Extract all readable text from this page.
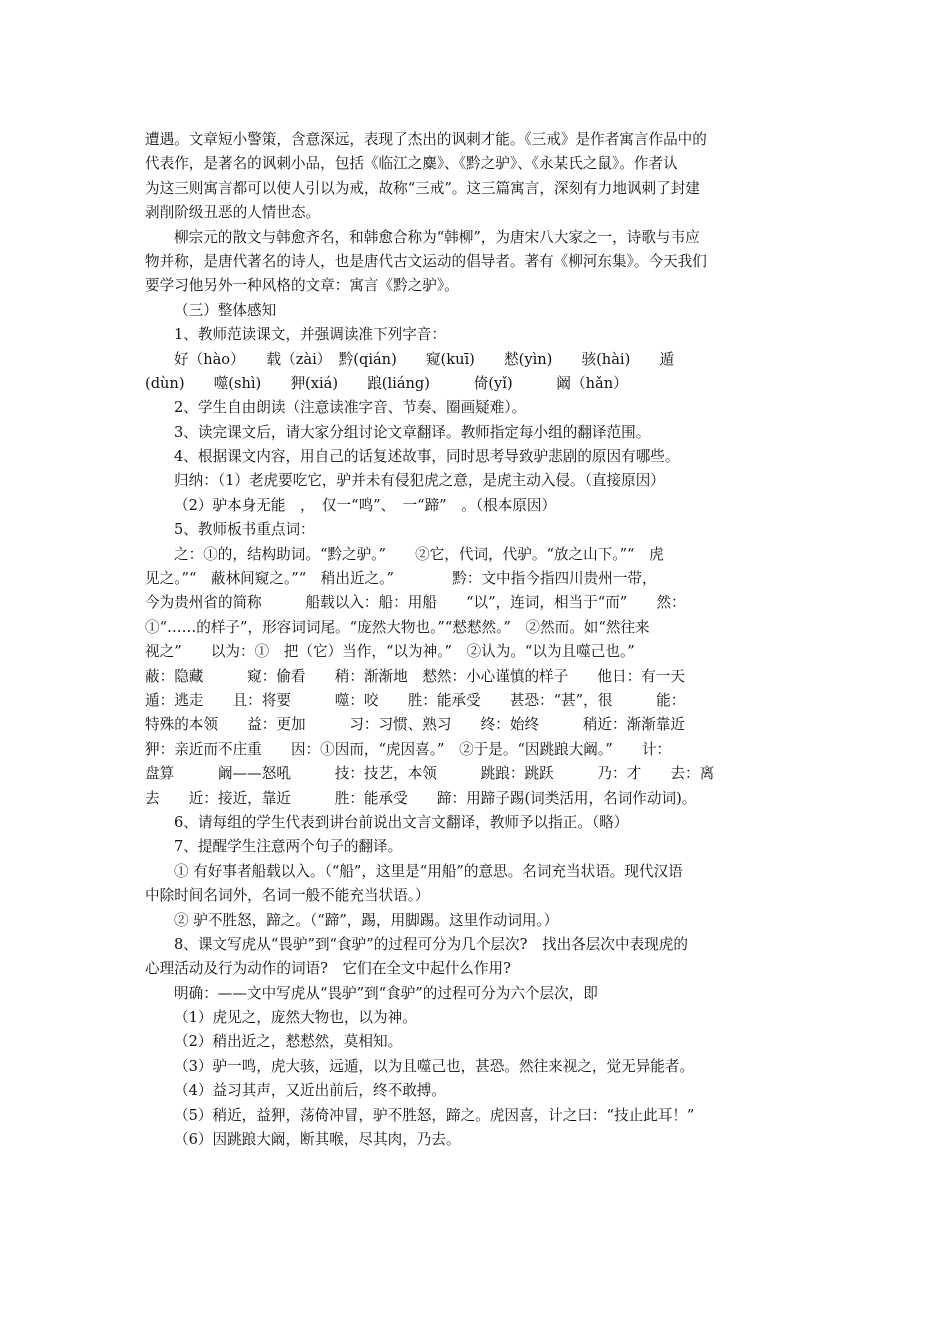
遭遇。文章短小警策，含意深远，表现了杰出的讽刺才能。《三戒》是作者寓言作品中的
代表作，是著名的讽刺小品，包括《临江之麋》、《黔之驴》、《永某氏之鼠》。作者认
为这三则寓言都可以使人引以为戒，故称“三戒”。这三篇寓言，深刻有力地讽刺了封建
剥削阶级丑恶的人情世态。
柳宗元的散文与韩愈齐名，和韩愈合称为“韩柳”，为唐宋八大家之一，诗歌与韦应
物并称，是唐代著名的诗人，也是唐代古文运动的倡导者。著有《柳河东集》。今天我们
要学习他另外一种风格的文章：寓言《黔之驴》。
（三）整体感知
1、教师范读课文，并强调读准下列字音：
好（hào）　　载（zài）　黔(qián)　　窥(kuī)　　慭(yìn)　　骇(hài)　　遁
(dùn)　　噬(shì)　　狎(xiá)　　踉(liáng)　　　倚(yǐ)　　　阚（hǎn）
2、学生自由朗读（注意读准字音、节奏、圈画疑难）。
3、读完课文后，请大家分组讨论文章翻译。教师指定每小组的翻译范围。
4、根据课文内容，用自己的话复述故事，同时思考导致驴悲剧的原因有哪些。
归纳：（1）老虎要吃它，驴并未有侵犯虎之意，是虎主动入侵。（直接原因）
（2）驴本身无能　，　仅一“鸣”、　一“蹄”　。（根本原因）
5、教师板书重点词：
之：①的，结构助词。“黔之驴。”　　②它，代词，代驴。“放之山下。”“　虎
见之。”“　蔽林间窥之。”“　稍出近之。”　　　　黔：文中指今指四川贵州一带，
今为贵州省的简称　　　船载以入：船：用船　　“以”，连词，相当于“而”　　然：
①“……的样子”，形容词词尾。“庞然大物也。”“慭慭然。”　②然而。如“然往来
视之”　　以为：①　把（它）当作，“以为神。”　②认为。“以为且噬己也。”
蔽：隐藏　　　窥：偷看　　稍：渐渐地　慭然：小心谨慎的样子　　他日：有一天
遁：逃走　　且：将要　　　噬：咬　　胜：能承受　　甚恐：“甚”，很　　　能：
特殊的本领　　益：更加　　　习：习惯、熟习　　终：始终　　　稍近：渐渐靠近
狎：亲近而不庄重　　因：①因而，“虎因喜。”　②于是。“因跳踉大阚。”　　计：
盘算　　　阚——怒吼　　　技：技艺，本领　　　跳踉：跳跃　　　乃：才　　去：离
去　　近：接近，靠近　　　胜：能承受　　蹄：用蹄子踢(词类活用，名词作动词)。
6、请每组的学生代表到讲台前说出文言文翻译，教师予以指正。（略）
7、提醒学生注意两个句子的翻译。
① 有好事者船载以入。（“船”，这里是“用船”的意思。名词充当状语。现代汉语
中除时间名词外，名词一般不能充当状语。）
② 驴不胜怒，蹄之。（“蹄”，踢，用脚踢。这里作动词用。）
8、课文写虎从“畏驴”到“食驴”的过程可分为几个层次?　找出各层次中表现虎的
心理活动及行为动作的词语?　它们在全文中起什么作用?
明确：——文中写虎从“畏驴”到“食驴”的过程可分为六个层次，即
（1）虎见之，庞然大物也，以为神。
（2）稍出近之，慭慭然，莫相知。
（3）驴一鸣，虎大骇，远遁，以为且噬己也，甚恐。然往来视之，觉无异能者。
（4）益习其声，又近出前后，终不敢搏。
（5）稍近，益狎，荡倚冲冒，驴不胜怒，蹄之。虎因喜，计之曰：“技止此耳！”
（6）因跳踉大阚，断其喉，尽其肉，乃去。
